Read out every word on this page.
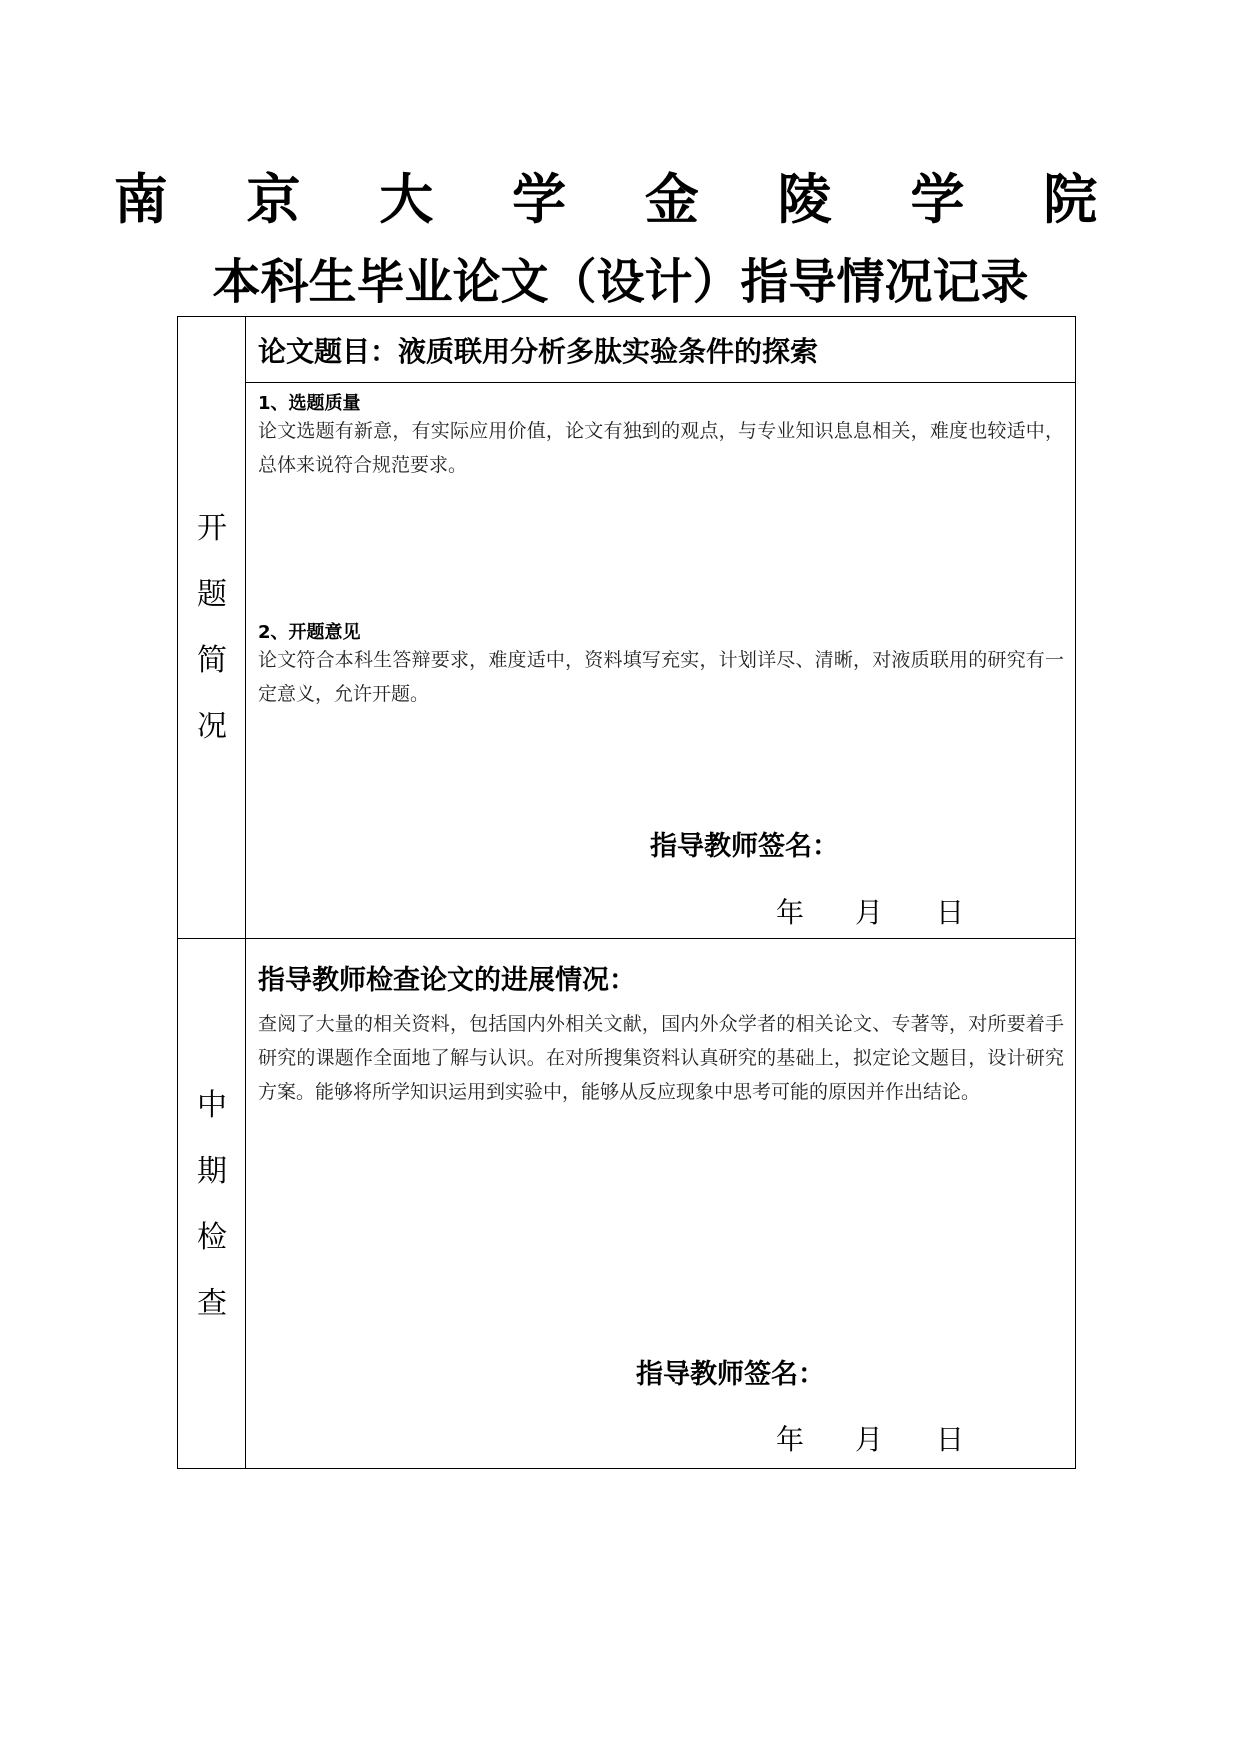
南 京 大 学 金 陵 学 院
本科生毕业论文（设计）指导情况记录
开
题
简
况
论文题目：液质联用分析多肽实验条件的探索
1、选题质量
论文选题有新意，有实际应用价值，论文有独到的观点，与专业知识息息相关，难度也较适中，总体来说符合规范要求。
2、开题意见
论文符合本科生答辩要求，难度适中，资料填写充实，计划详尽、清晰，对液质联用的研究有一定意义，允许开题。
指导教师签名：
年 月 日
中
期
检
查
指导教师检查论文的进展情况：
查阅了大量的相关资料，包括国内外相关文献，国内外众学者的相关论文、专著等，对所要着手研究的课题作全面地了解与认识。在对所搜集资料认真研究的基础上，拟定论文题目，设计研究方案。能够将所学知识运用到实验中，能够从反应现象中思考可能的原因并作出结论。
指导教师签名：
年 月 日
